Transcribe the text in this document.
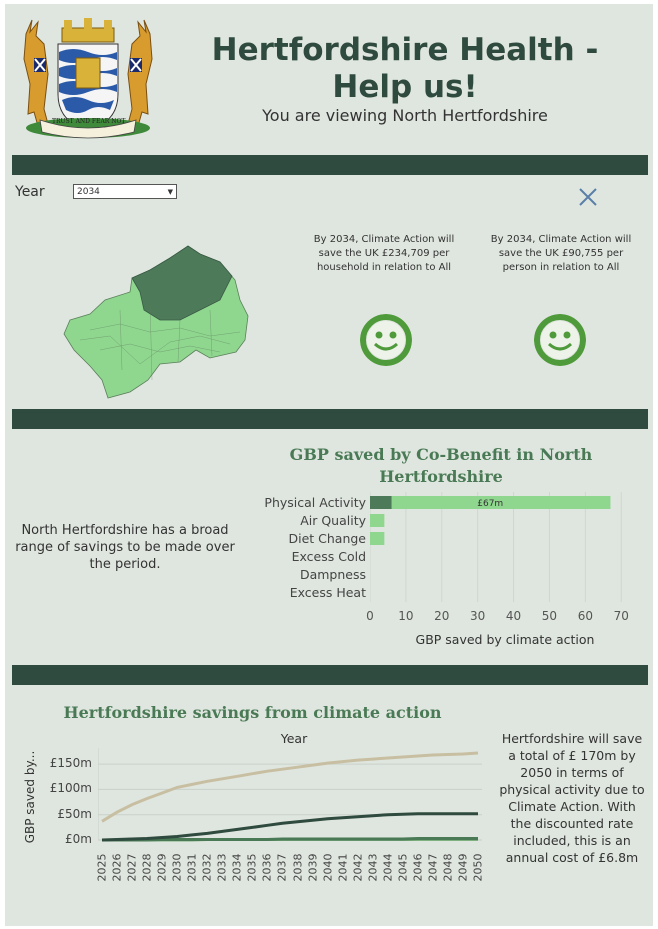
TRUST AND FEAR NOT
Hertfordshire Health - Help us!
You are viewing North Hertfordshire
Year	2034	▼
By 2034, Climate Action will save the UK £234,709 per household in relation to All
By 2034, Climate Action will save the UK £90,755 per person in relation to All
North Hertfordshire has a broad range of savings to be made over the period.
GBP saved by Co-Benefit in North Hertfordshire
Physical Activity
Air Quality
Diet Change
Excess Cold
Dampness
Excess Heat
£67m
0	10	20	30	40	50	60	70
GBP saved by climate action
Hertfordshire savings from climate action
Year
GBP saved by...	£0m
£50m
£100m
£150m
2025 2026 2027 2028 2029 2030 2031 2032 2033 2034 2035 2036 2037 2038 2039 2040 2041 2042 2043 2044 2045 2046 2047 2048 2049 2050
Hertfordshire will save a total of £ 170m by 2050 in terms of physical activity due to Climate Action. With the discounted rate included, this is an annual cost of £6.8m
